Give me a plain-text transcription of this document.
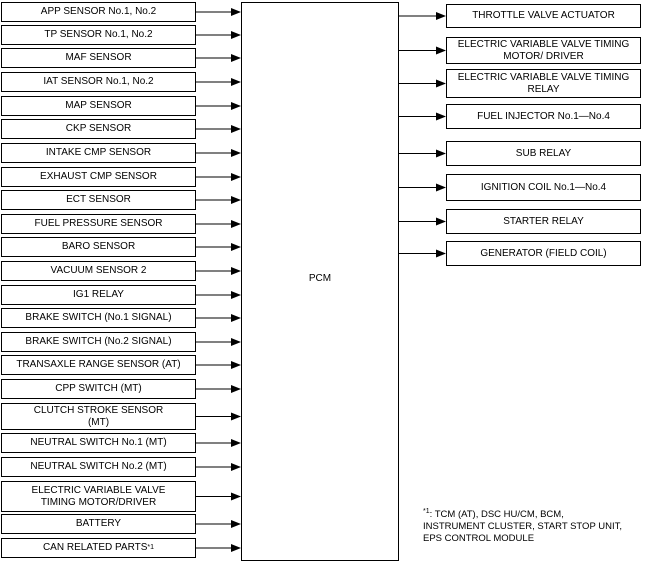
APP SENSOR No.1, No.2
TP SENSOR No.1, No.2
MAF SENSOR
IAT SENSOR No.1, No.2
MAP SENSOR
CKP SENSOR
INTAKE CMP SENSOR
EXHAUST CMP SENSOR
ECT SENSOR
FUEL PRESSURE SENSOR
BARO SENSOR
VACUUM SENSOR 2
IG1 RELAY
BRAKE SWITCH (No.1 SIGNAL)
BRAKE SWITCH (No.2 SIGNAL)
TRANSAXLE RANGE SENSOR (AT)
CPP SWITCH (MT)
CLUTCH STROKE SENSOR
(MT)
NEUTRAL SWITCH No.1 (MT)
NEUTRAL SWITCH No.2 (MT)
ELECTRIC VARIABLE VALVE
TIMING MOTOR/DRIVER
BATTERY
CAN RELATED PARTS *1
PCM
THROTTLE VALVE ACTUATOR
ELECTRIC VARIABLE VALVE TIMING
MOTOR/ DRIVER
ELECTRIC VARIABLE VALVE TIMING
RELAY
FUEL INJECTOR No.1—No.4
SUB RELAY
IGNITION COIL No.1—No.4
STARTER RELAY
GENERATOR (FIELD COIL)
$^{*1}$: TCM (AT), DSC HU/CM, BCM,
INSTRUMENT CLUSTER, START STOP UNIT,
EPS CONTROL MODULE
